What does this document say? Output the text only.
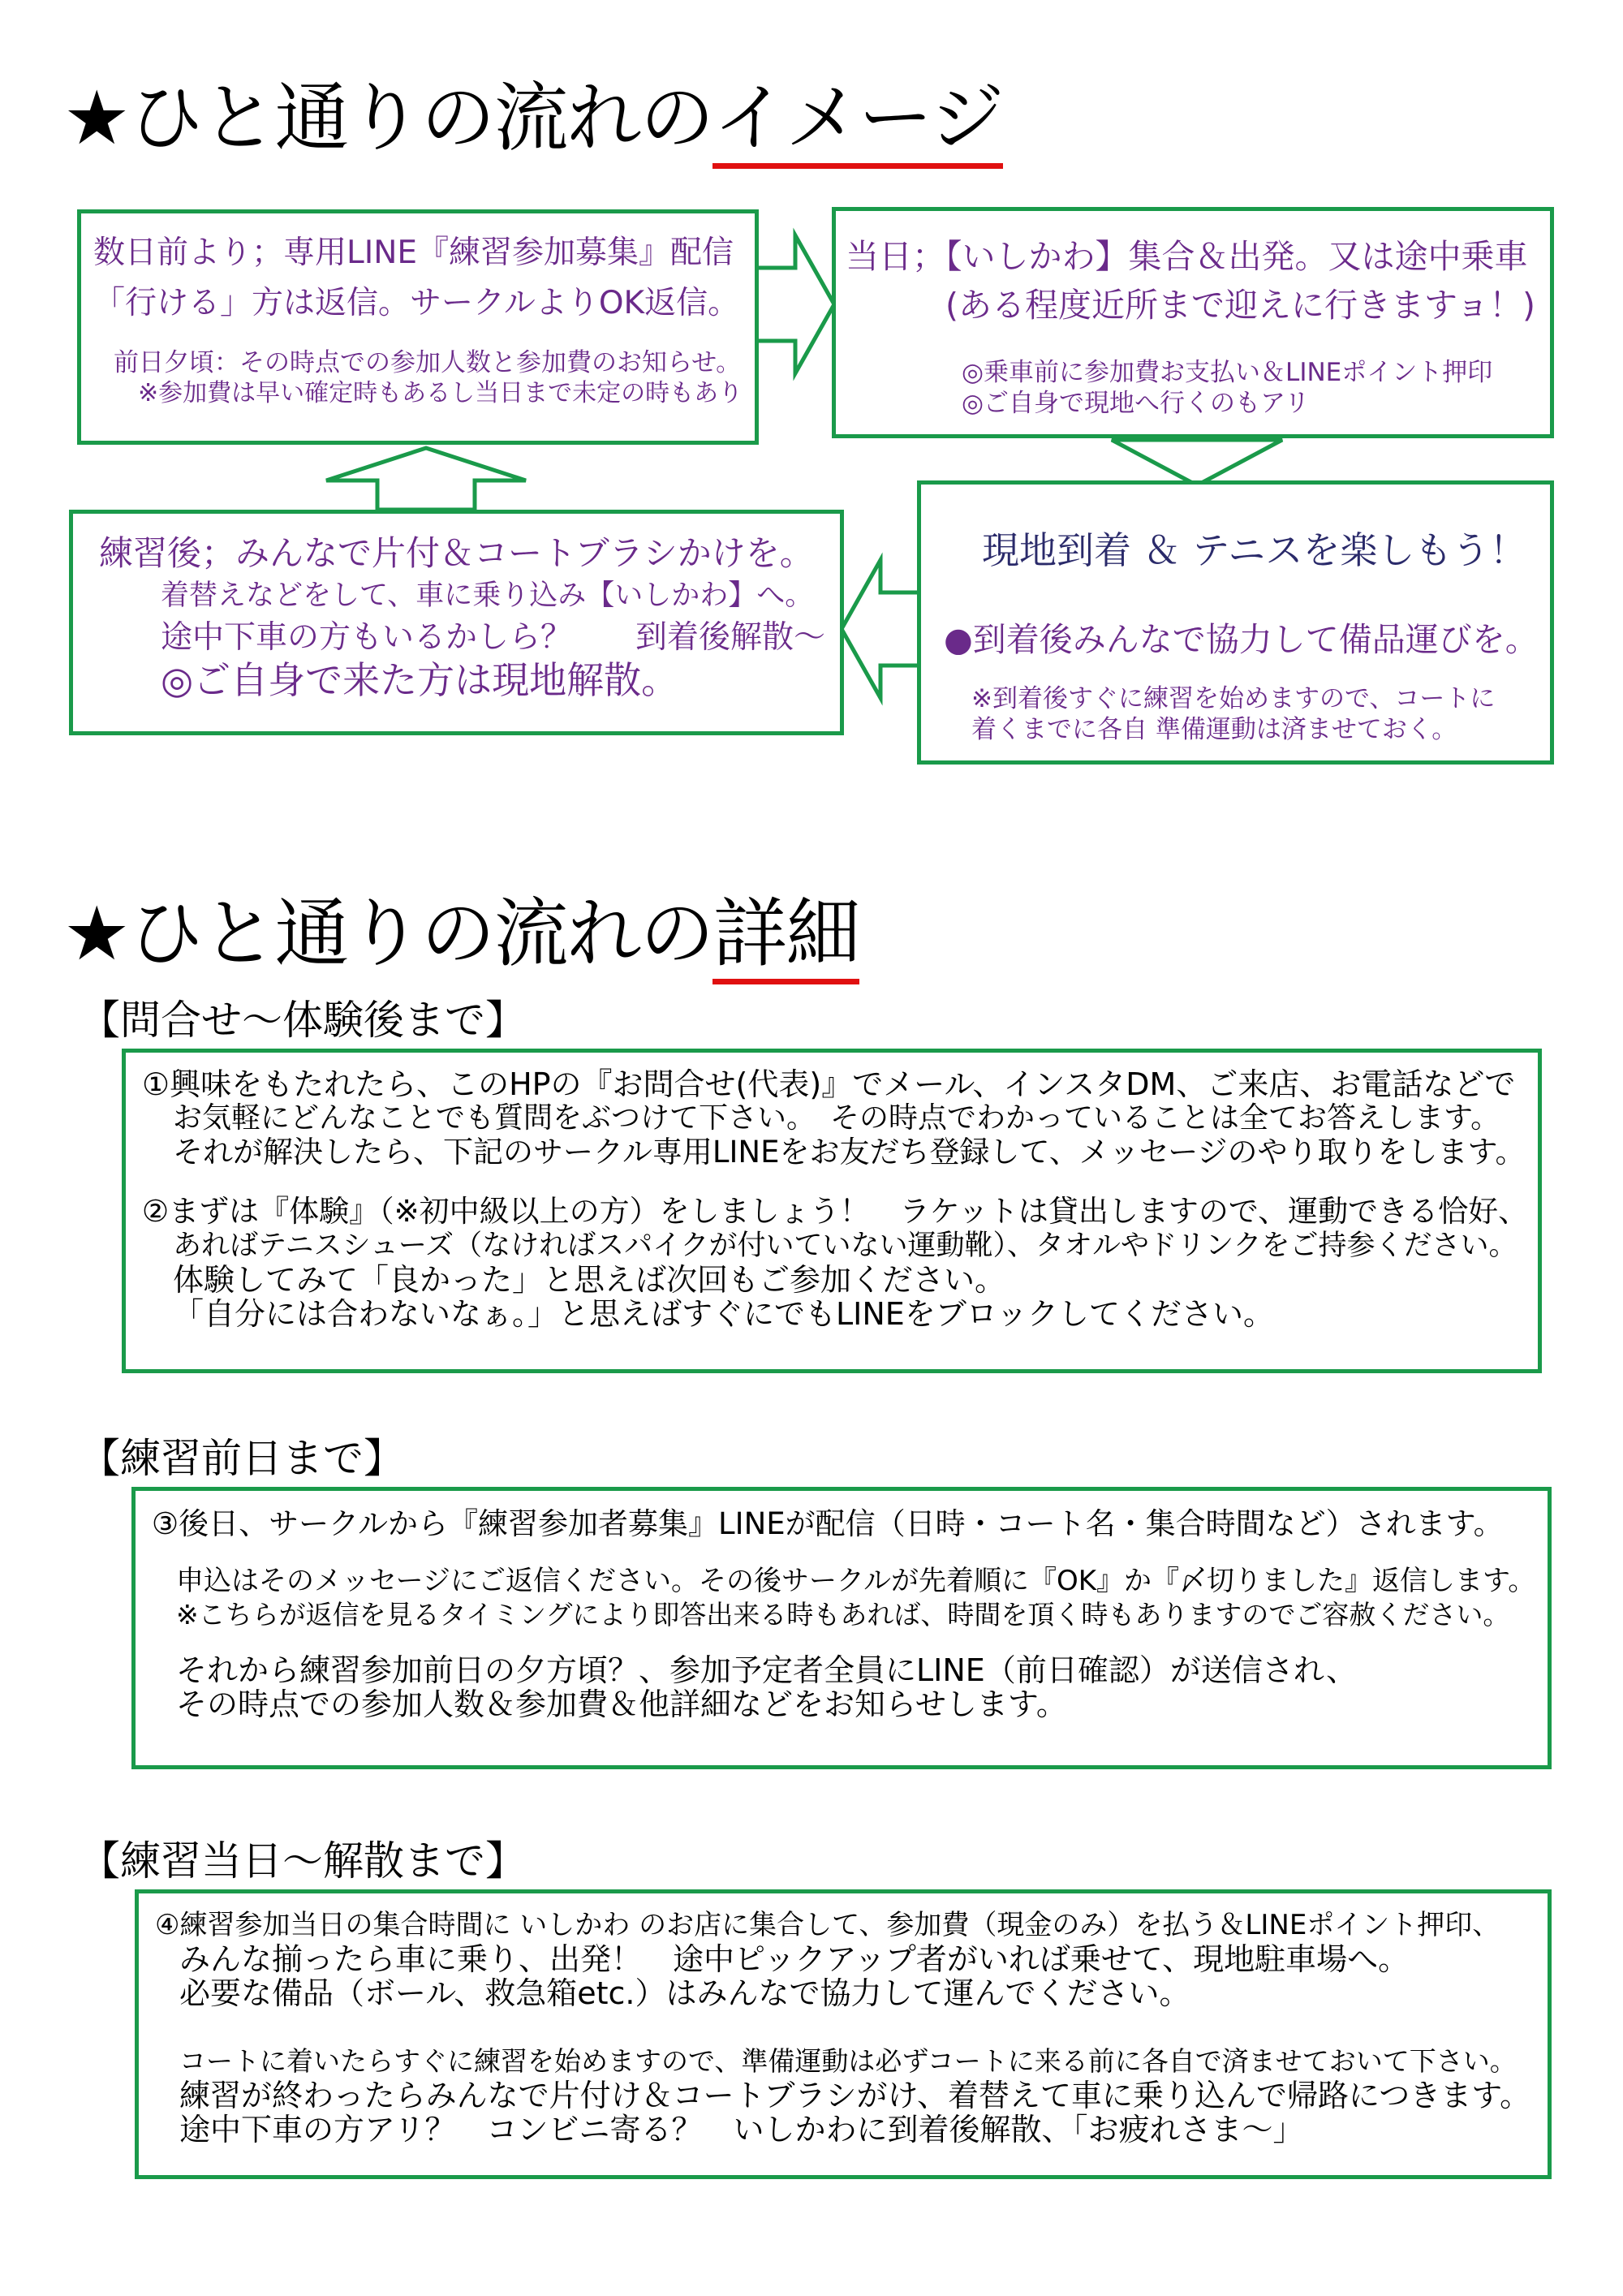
★ひと通りの流れのイメージ
数日前より；専用LINE『練習参加募集』配信
「行ける」方は返信。サークルよりOK返信。
前日夕頃：その時点での参加人数と参加費のお知らせ。
※参加費は早い確定時もあるし当日まで未定の時もあり
当日；【いしかわ】集合＆出発。又は途中乗車
(ある程度近所まで迎えに行きますョ！)
◎乗車前に参加費お支払い＆LINEポイント押印
◎ご自身で現地へ行くのもアリ
現地到着 ＆ テニスを楽しもう！
●到着後みんなで協力して備品運びを。
※到着後すぐに練習を始めますので、コートに
着くまでに各自 準備運動は済ませておく。
練習後；みんなで片付＆コートブラシかけを。
着替えなどをして、車に乗り込み【いしかわ】へ。
途中下車の方もいるかしら？　　到着後解散～
◎ご自身で来た方は現地解散。
★ひと通りの流れの詳細
【問合せ～体験後まで】
①興味をもたれたら、このHPの『お問合せ(代表)』でメール、インスタDM、ご来店、お電話などで
お気軽にどんなことでも質問をぶつけて下さい。　その時点でわかっていることは全てお答えします。
それが解決したら、下記のサークル専用LINEをお友だち登録して、メッセージのやり取りをします。
②まずは『体験』（※初中級以上の方）をしましょう！　ラケットは貸出しますので、運動できる恰好、
あればテニスシューズ（なければスパイクが付いていない運動靴）、タオルやドリンクをご持参ください。
体験してみて「良かった」と思えば次回もご参加ください。
「自分には合わないなぁ。」と思えばすぐにでもLINEをブロックしてください。
【練習前日まで】
③後日、サークルから『練習参加者募集』LINEが配信（日時・コート名・集合時間など）されます。
申込はそのメッセージにご返信ください。その後サークルが先着順に『OK』か『〆切りました』返信します。
※こちらが返信を見るタイミングにより即答出来る時もあれば、時間を頂く時もありますのでご容赦ください。
それから練習参加前日の夕方頃？、参加予定者全員にLINE（前日確認）が送信され、
その時点での参加人数＆参加費＆他詳細などをお知らせします。
【練習当日～解散まで】
④練習参加当日の集合時間に いしかわ のお店に集合して、参加費（現金のみ）を払う＆LINEポイント押印、
みんな揃ったら車に乗り、出発！　途中ピックアップ者がいれば乗せて、現地駐車場へ。
必要な備品（ボール、救急箱etc.）はみんなで協力して運んでください。
コートに着いたらすぐに練習を始めますので、準備運動は必ずコートに来る前に各自で済ませておいて下さい。
練習が終わったらみんなで片付け＆コートブラシがけ、着替えて車に乗り込んで帰路につきます。
途中下車の方アリ？　コンビニ寄る？　いしかわに到着後解散、「お疲れさま～」
